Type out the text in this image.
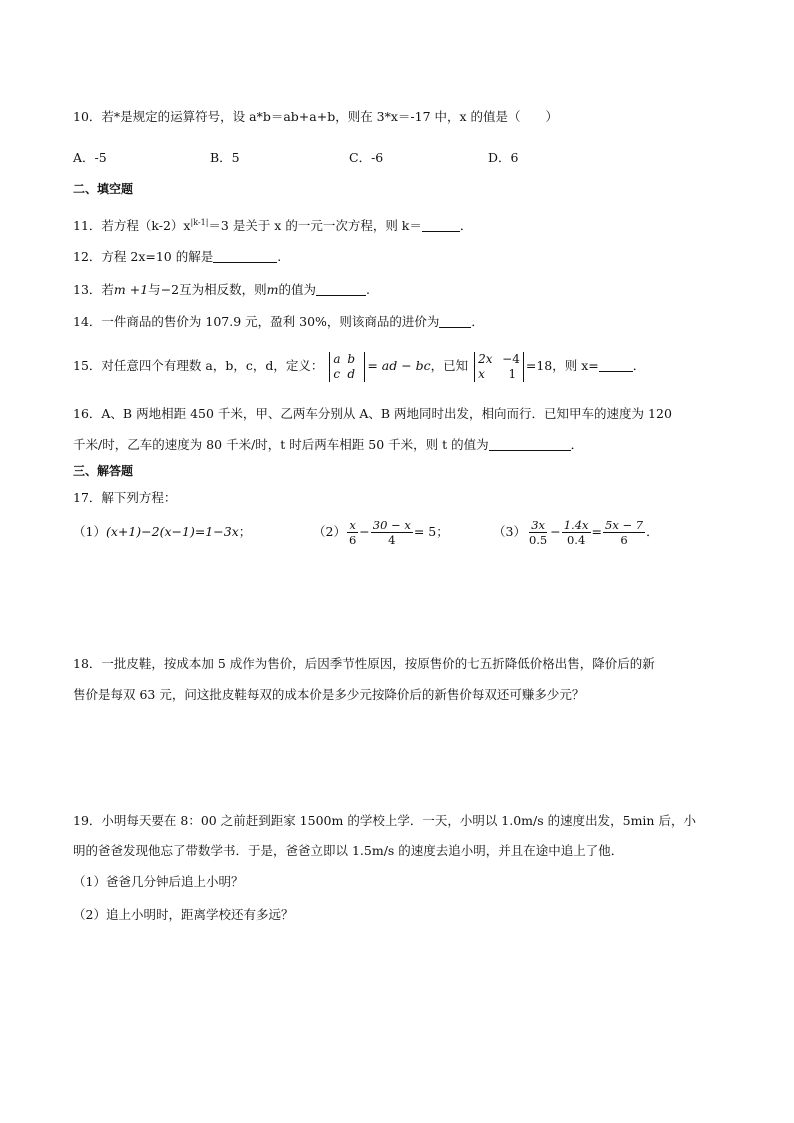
10．若*是规定的运算符号，设 a*b＝ab+a+b，则在 3*x＝-17 中，x 的值是（　　）
A．-5	B．5	C．-6	D．6
二、填空题
11．若方程$(k-2)x^{|k-1|}=3$ 是关于 x 的一元一次方程，则 k＝	．
12．方程 2x=10 的解是	.
13．若m +1与−2互为相反数，则m的值为	.
14．一件商品的售价为 107.9 元，盈利 30%，则该商品的进价为	．
15．对任意四个有理数 a，b，c，d，定义： a b
c d
= ad − bc，已知 2x −4
x 1
=18，则 x=	．
16．A、B 两地相距 450 千米，甲、乙两车分别从 A、B 两地同时出发，相向而行．已知甲车的速度为 120
千米/时，乙车的速度为 80 千米/时，t 时后两车相距 50 千米，则 t 的值为	．
三、解答题
17．解下列方程：
（1）(x+1)−2(x−1)=1−3x；	$(2) \frac{x}{6} - \frac{30 - x}{4} = 5$；	$(3) \frac{3x}{0.5} - \frac{1.4x}{0.4} = \frac{5x - 7}{6}$ ．
18．一批皮鞋，按成本加 5 成作为售价，后因季节性原因，按原售价的七五折降低价格出售，降价后的新
售价是每双 63 元，问这批皮鞋每双的成本价是多少元按降价后的新售价每双还可赚多少元？
19．小明每天要在 8：00 之前赶到距家 1500m 的学校上学．一天，小明以 1.0m/s 的速度出发，5min 后，小
明的爸爸发现他忘了带数学书．于是，爸爸立即以 1.5m/s 的速度去追小明，并且在途中追上了他．
（1）爸爸几分钟后追上小明？
（2）追上小明时，距离学校还有多远？
